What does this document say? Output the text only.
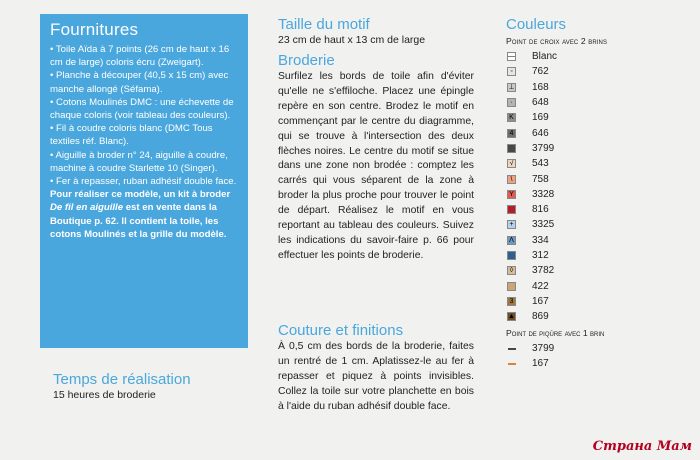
Fournitures

• Toile Aïda à 7 points (26 cm de haut x 16 cm de large) coloris écru (Zweigart).

• Planche à découper (40,5 x 15 cm) avec manche allongé (Séfama).

• Cotons Moulinés DMC : une échevette de chaque coloris (voir tableau des couleurs).

• Fil à coudre coloris blanc (DMC Tous textiles réf. Blanc).

• Aiguille à broder n° 24, aiguille à coudre, machine à coudre Starlette 10 (Singer).

• Fer à repasser, ruban adhésif double face.

Pour réaliser ce modèle, un kit à broder De fil en aiguille est en vente dans la Boutique p. 62. Il contient la toile, les cotons Moulinés et la grille du modèle.

Temps de réalisation
15 heures de broderie

Taille du motif

23 cm de haut x 13 cm de large

Broderie

Surfilez les bords de toile afin d'éviter qu'elle ne s'effiloche. Placez une épingle repère en son centre. Brodez le motif en commençant par le centre du diagramme, qui se trouve à l'intersection des deux flèches noires. Le centre du motif se situe dans une zone non brodée : comptez les carrés qui vous séparent de la zone à broder la plus proche pour trouver le point de départ. Réalisez le motif en vous reportant au tableau des couleurs. Suivez les indications du savoir-faire p. 66 pour effectuer les points de broderie.

Couture et finitions

À 0,5 cm des bords de la broderie, faites un rentré de 1 cm. Aplatissez-le au fer à repasser et piquez à points invisibles. Collez la toile sur votre planchette en bois à l'aide du ruban adhésif double face.

Couleurs

Point de croix avec 2 brins

— Blanc
◦	762
⊥ 168
·	648
K 169
4 646
3799
√ 543
\	758
Y 3328
816
+ 3325
Λ 334
312
◊ 3782
422
3 167
▲ 869

Point de piqûre avec 1 brin

3799
167
Страна Мам
